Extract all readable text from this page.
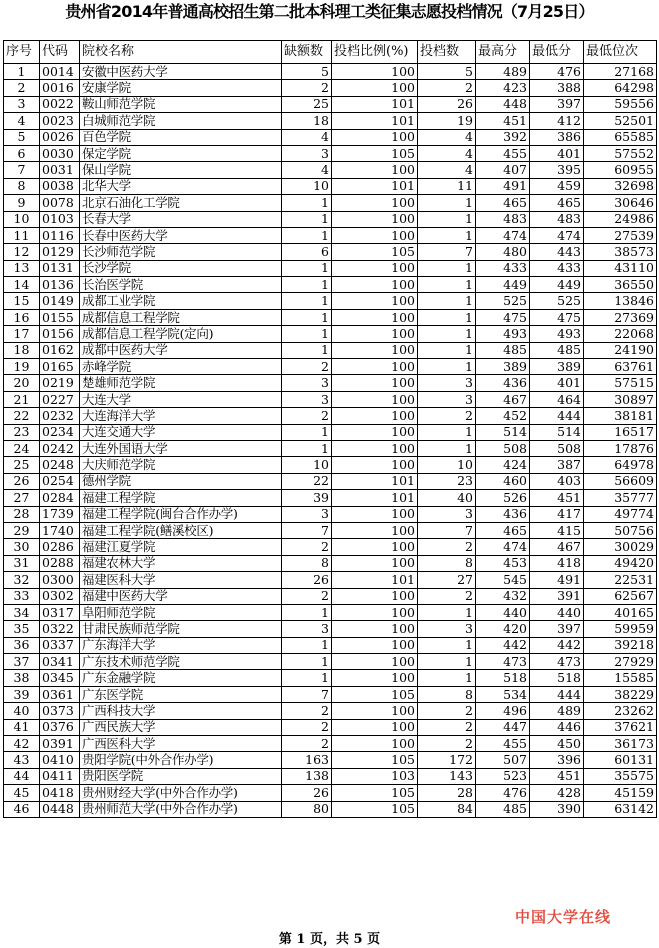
贵州省2014年普通高校招生第二批本科理工类征集志愿投档情况（7月25日）
序号	代码	院校名称	缺额数	投档比例(%)	投档数	最高分	最低分	最低位次
1	0014	安徽中医药大学	5	100	5	489	476	27168
2	0016	安康学院	2	100	2	423	388	64298
3	0022	鞍山师范学院	25	101	26	448	397	59556
4	0023	白城师范学院	18	101	19	451	412	52501
5	0026	百色学院	4	100	4	392	386	65585
6	0030	保定学院	3	105	4	455	401	57552
7	0031	保山学院	4	100	4	407	395	60955
8	0038	北华大学	10	101	11	491	459	32698
9	0078	北京石油化工学院	1	100	1	465	465	30646
10	0103	长春大学	1	100	1	483	483	24986
11	0116	长春中医药大学	1	100	1	474	474	27539
12	0129	长沙师范学院	6	105	7	480	443	38573
13	0131	长沙学院	1	100	1	433	433	43110
14	0136	长治医学院	1	100	1	449	449	36550
15	0149	成都工业学院	1	100	1	525	525	13846
16	0155	成都信息工程学院	1	100	1	475	475	27369
17	0156	成都信息工程学院(定向)	1	100	1	493	493	22068
18	0162	成都中医药大学	1	100	1	485	485	24190
19	0165	赤峰学院	2	100	1	389	389	63761
20	0219	楚雄师范学院	3	100	3	436	401	57515
21	0227	大连大学	3	100	3	467	464	30897
22	0232	大连海洋大学	2	100	2	452	444	38181
23	0234	大连交通大学	1	100	1	514	514	16517
24	0242	大连外国语大学	1	100	1	508	508	17876
25	0248	大庆师范学院	10	100	10	424	387	64978
26	0254	德州学院	22	101	23	460	403	56609
27	0284	福建工程学院	39	101	40	526	451	35777
28	1739	福建工程学院(闽台合作办学)	3	100	3	436	417	49774
29	1740	福建工程学院(鳝溪校区)	7	100	7	465	415	50756
30	0286	福建江夏学院	2	100	2	474	467	30029
31	0288	福建农林大学	8	100	8	453	418	49420
32	0300	福建医科大学	26	101	27	545	491	22531
33	0302	福建中医药大学	2	100	2	432	391	62567
34	0317	阜阳师范学院	1	100	1	440	440	40165
35	0322	甘肃民族师范学院	3	100	3	420	397	59959
36	0337	广东海洋大学	1	100	1	442	442	39218
37	0341	广东技术师范学院	1	100	1	473	473	27929
38	0345	广东金融学院	1	100	1	518	518	15585
39	0361	广东医学院	7	105	8	534	444	38229
40	0373	广西科技大学	2	100	2	496	489	23262
41	0376	广西民族大学	2	100	2	447	446	37621
42	0391	广西医科大学	2	100	2	455	450	36173
43	0410	贵阳学院(中外合作办学)	163	105	172	507	396	60131
44	0411	贵阳医学院	138	103	143	523	451	35575
45	0418	贵州财经大学(中外合作办学)	26	105	28	476	428	45159
46	0448	贵州师范大学(中外合作办学)	80	105	84	485	390	63142
中国大学在线
第 1 页，共 5 页
